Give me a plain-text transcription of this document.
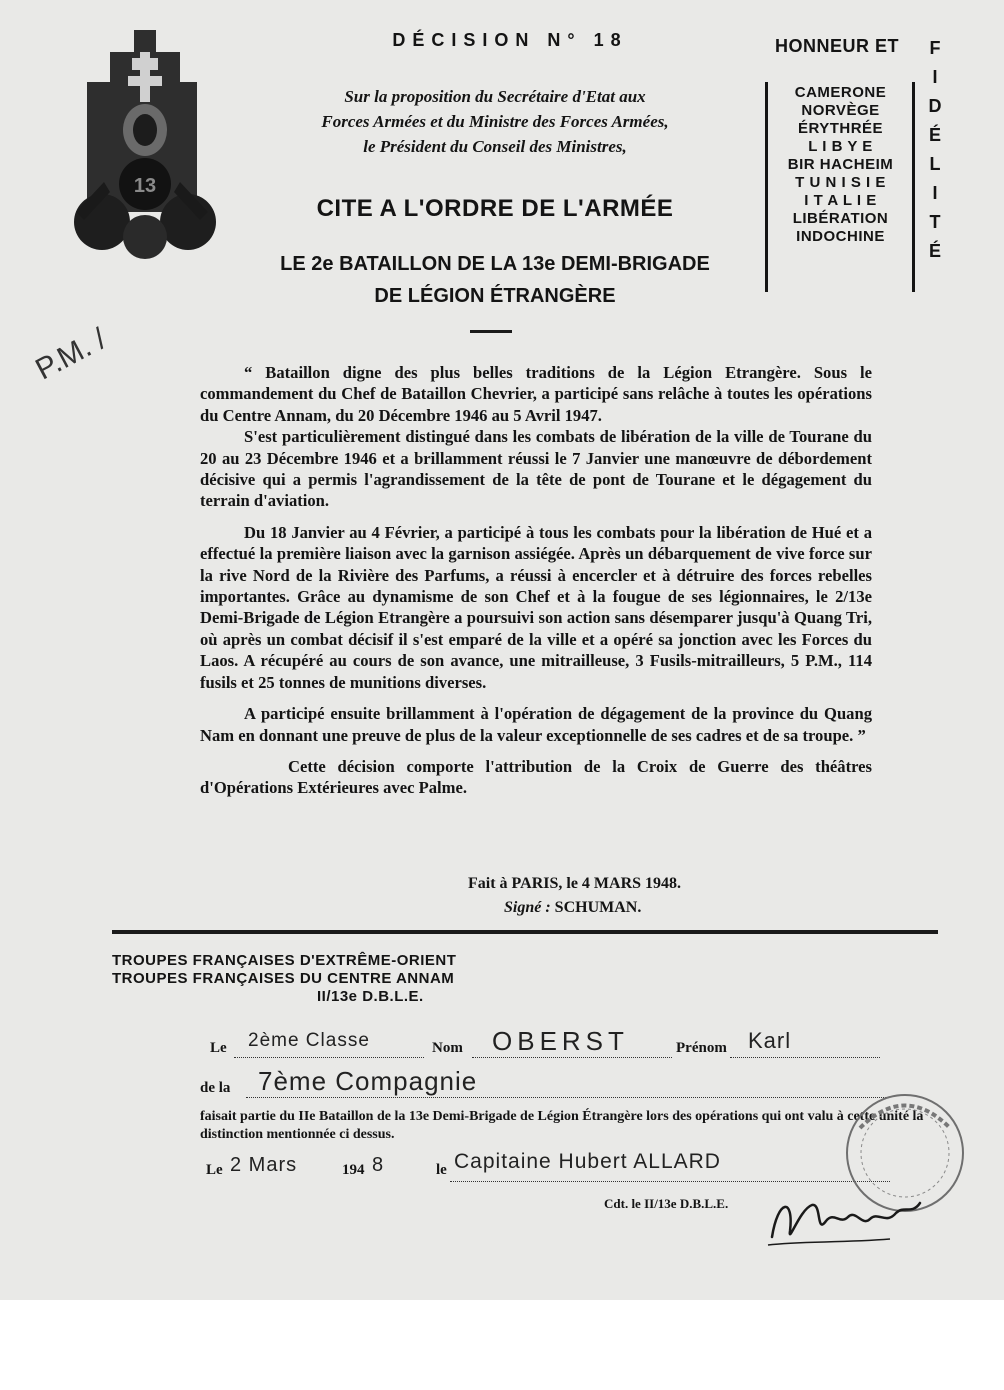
13
DÉCISION N° 18
Sur la proposition du Secrétaire d'Etat aux
Forces Armées et du Ministre des Forces Armées,
le Président du Conseil des Ministres,
CITE A L'ORDRE DE L'ARMÉE
LE 2e BATAILLON DE LA 13e DEMI-BRIGADE
DE LÉGION ÉTRANGÈRE
HONNEUR ET
CAMERONE
NORVÈGE
ÉRYTHRÉE
L I B Y E
BIR HACHEIM
T U N I S I E
I T A L I E
LIBÉRATION
INDOCHINE
F
I
D
É
L
I
T
É
P.M. /	“ Bataillon digne des plus belles traditions de la Légion Etrangère. Sous le commandement du Chef de Bataillon Chevrier, a participé sans relâche à toutes les opérations du Centre Annam, du 20 Décembre 1946 au 5 Avril 1947.

S'est particulièrement distingué dans les combats de libération de la ville de Tourane du 20 au 23 Décembre 1946 et a brillamment réussi le 7 Janvier une manœuvre de débordement décisive qui a permis l'agrandissement de la tête de pont de Tourane et le dégagement du terrain d'aviation.

Du 18 Janvier au 4 Février, a participé à tous les combats pour la libération de Hué et a effectué la première liaison avec la garnison assiégée. Après un débarquement de vive force sur la rive Nord de la Rivière des Parfums, a réussi à encercler et à détruire des forces rebelles importantes. Grâce au dynamisme de son Chef et à la fougue de ses légionnaires, le 2/13e Demi-Brigade de Légion Etrangère a poursuivi son action sans désemparer jusqu'à Quang Tri, où après un combat décisif il s'est emparé de la ville et a opéré sa jonction avec les Forces du Laos. A récupéré au cours de son avance, une mitrailleuse, 3 Fusils-mitrailleurs, 5 P.M., 114 fusils et 25 tonnes de munitions diverses.

A participé ensuite brillamment à l'opération de dégagement de la province du Quang Nam en donnant une preuve de plus de la valeur exceptionnelle de ses cadres et de sa troupe. ”

Cette décision comporte l'attribution de la Croix de Guerre des théâtres d'Opérations Extérieures avec Palme.

Fait à PARIS, le 4 MARS 1948.
Signé : SCHUMAN.
TROUPES FRANÇAISES D'EXTRÊME-ORIENT
TROUPES FRANÇAISES DU CENTRE ANNAM
II/13e D.B.L.E.
Le 2ème Classe	Nom OBERST	Prénom Karl
de la 7ème Compagnie
faisait partie du IIe Bataillon de la 13e Demi-Brigade de Légion Étrangère lors des opérations qui ont valu à cette unité la distinction mentionnée ci dessus.
Le 2 Mars	194 8	le Capitaine Hubert ALLARD
Cdt. le II/13e D.B.L.E.
